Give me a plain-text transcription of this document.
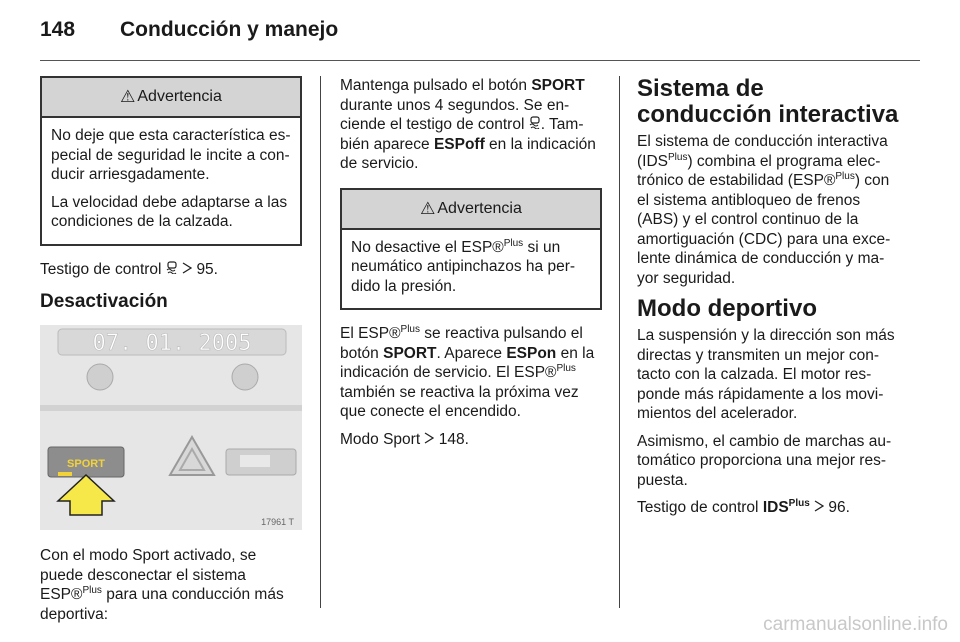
148 Conducción y manejo
⚠ Advertencia

No deje que esta característica es-pecial de seguridad le incite a con-ducir arriesgadamente.

La velocidad debe adaptarse a las condiciones de la calzada.

Testigo de control 95.

Desactivación
07. 01. 2005
SPORT
17961 T

Con el modo Sport activado, se puede desconectar el sistema ESP®$^{Plus}$ para una conducción más deportiva:

Mantenga pulsado el botón SPORT durante unos 4 segundos. Se en-ciende el testigo de control . Tam-bién aparece ESPoff en la indicación de servicio.

⚠ Advertencia

No desactive el ESP®$^{Plus}$ si un neumático antipinchazos ha per-dido la presión.

El ESP®$^{Plus}$ se reactiva pulsando el botón SPORT. Aparece ESPon en la indicación de servicio. El ESP®$^{Plus}$ también se reactiva la próxima vez que conecte el encendido.

Modo Sport 148.

Sistema de conducción interactiva

El sistema de conducción interactiva $(IDS^{Plus})$ combina el programa elec-trónico de estabilidad (ESP®$^{Plus}$) con el sistema antibloqueo de frenos (ABS) y el control continuo de la amortiguación (CDC) para una exce-lente dinámica de conducción y ma-yor seguridad.

Modo deportivo

La suspensión y la dirección son más directas y transmiten un mejor con-tacto con la calzada. El motor res-ponde más rápidamente a los movi-mientos del acelerador.

Asimismo, el cambio de marchas au-tomático proporciona una mejor res-puesta.

Testigo de control $IDS^{Plus}$ 96.

carmanualsonline.info
